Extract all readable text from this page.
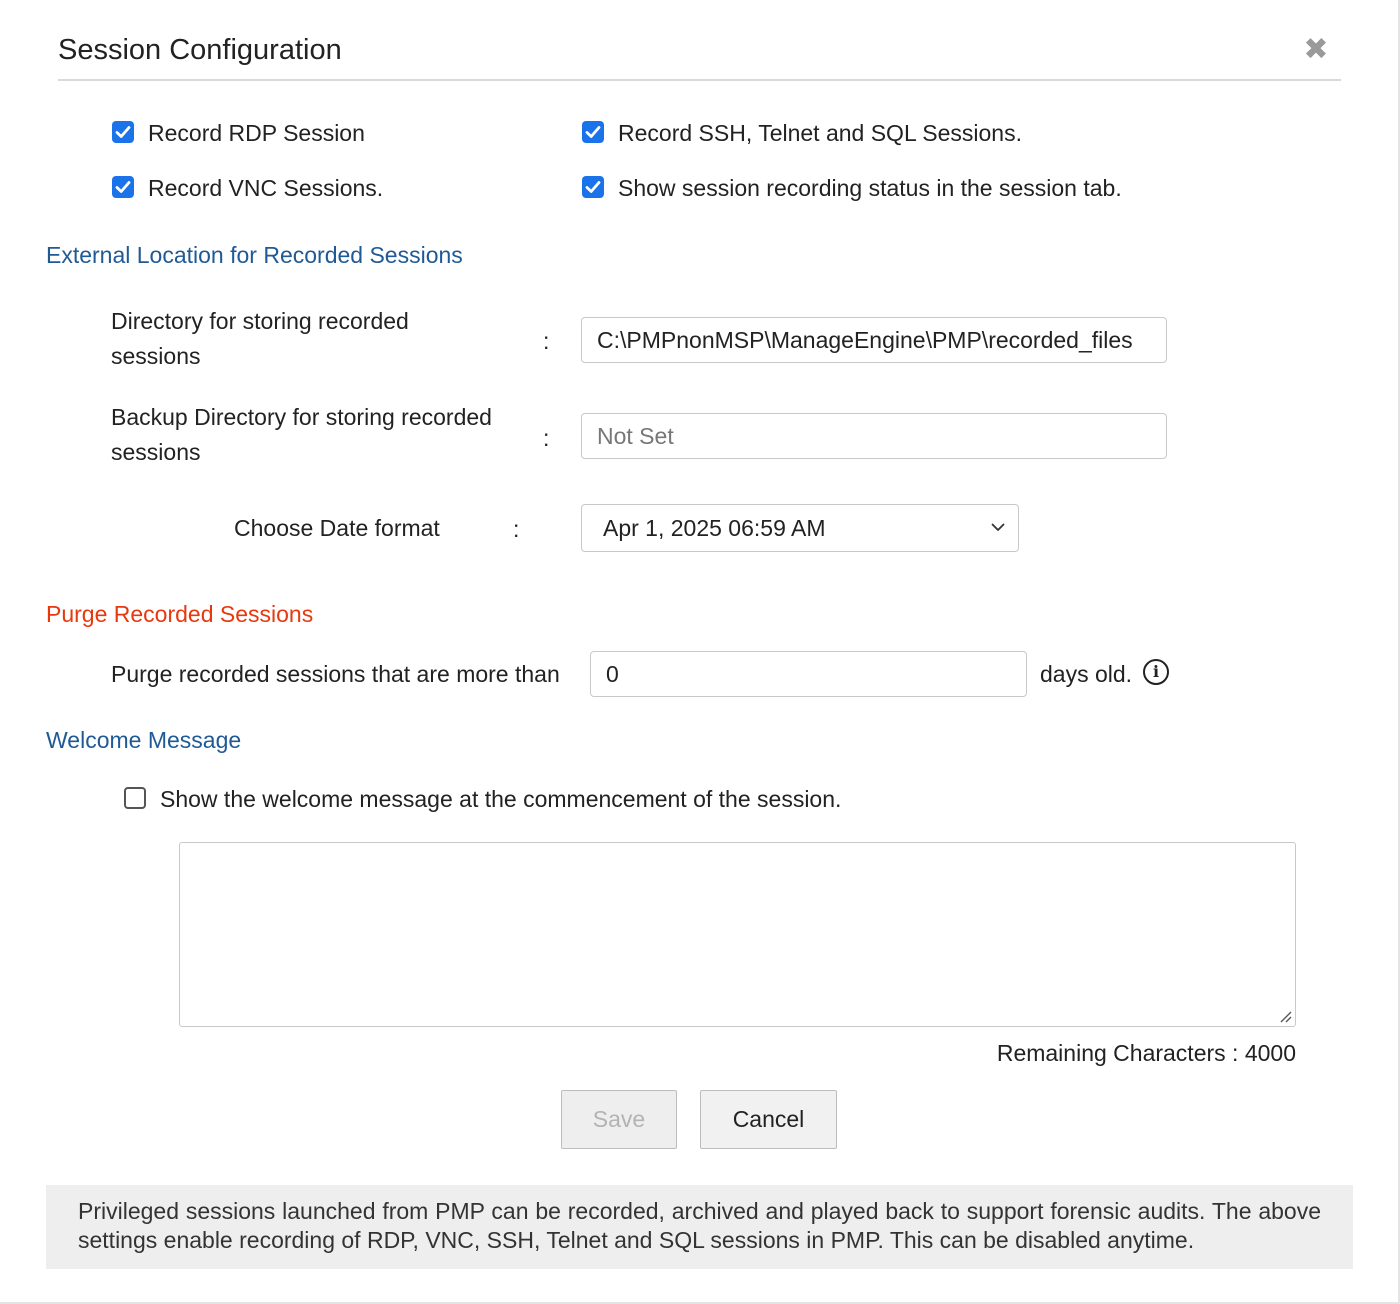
Session Configuration	✖
Record RDP Session	Record SSH, Telnet and SQL Sessions.
Record VNC Sessions.	Show session recording status in the session tab.
External Location for Recorded Sessions
Directory for storing recorded
sessions
:	C:\PMPnonMSP\ManageEngine\PMP\recorded_files
Backup Directory for storing recorded
sessions
:	Not Set
Choose Date format	:	Apr 1, 2025 06:59 AM
Purge Recorded Sessions
Purge recorded sessions that are more than	0	days old.	i
Welcome Message
Show the welcome message at the commencement of the session.
Remaining Characters : 4000
Save	Cancel
Privileged sessions launched from PMP can be recorded, archived and played back to support forensic audits. The above settings enable recording of RDP, VNC, SSH, Telnet and SQL sessions in PMP. This can be disabled anytime.
